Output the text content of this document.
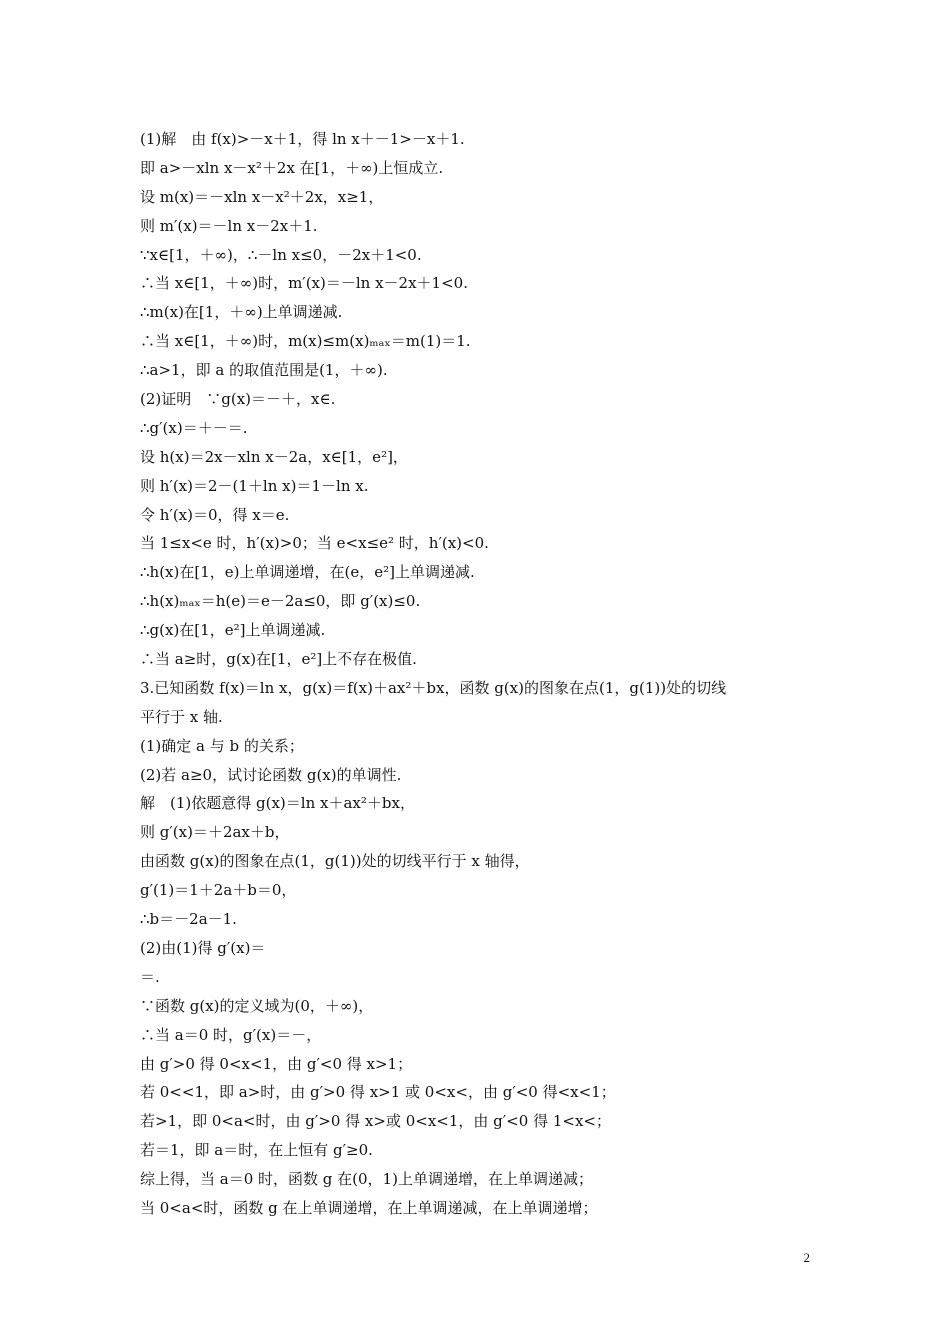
(1)解　由 f(x)>－x＋1，得 ln x＋－1>－x＋1.
即 a>－xln x－x²＋2x 在[1，＋∞)上恒成立.
设 m(x)＝－xln x－x²＋2x，x≥1，
则 m′(x)＝－ln x－2x＋1.
∵x∈[1，＋∞)，∴－ln x≤0，－2x＋1<0.
∴当 x∈[1，＋∞)时，m′(x)＝－ln x－2x＋1<0.
∴m(x)在[1，＋∞)上单调递减.
∴当 x∈[1，＋∞)时，m(x)≤m(x)ₘₐₓ＝m(1)＝1.
∴a>1，即 a 的取值范围是(1，＋∞).
(2)证明　∵g(x)＝－＋，x∈.
∴g′(x)＝＋－＝.
设 h(x)＝2x－xln x－2a，x∈[1，e²]，
则 h′(x)＝2－(1＋ln x)＝1－ln x.
令 h′(x)＝0，得 x＝e.
当 1≤x<e 时，h′(x)>0；当 e<x≤e² 时，h′(x)<0.
∴h(x)在[1，e)上单调递增，在(e，e²]上单调递减.
∴h(x)ₘₐₓ＝h(e)＝e－2a≤0，即 g′(x)≤0.
∴g(x)在[1，e²]上单调递减.
∴当 a≥时，g(x)在[1，e²]上不存在极值.
3.已知函数 f(x)＝ln x，g(x)＝f(x)＋ax²＋bx，函数 g(x)的图象在点(1，g(1))处的切线
平行于 x 轴.
(1)确定 a 与 b 的关系；
(2)若 a≥0，试讨论函数 g(x)的单调性.
解　(1)依题意得 g(x)＝ln x＋ax²＋bx，
则 g′(x)＝＋2ax＋b，
由函数 g(x)的图象在点(1，g(1))处的切线平行于 x 轴得，
g′(1)＝1＋2a＋b＝0，
∴b＝－2a－1.
(2)由(1)得 g′(x)＝
＝.
∵函数 g(x)的定义域为(0，＋∞)，
∴当 a＝0 时，g′(x)＝－，
由 g′>0 得 0<x<1，由 g′<0 得 x>1；
若 0<<1，即 a>时，由 g′>0 得 x>1 或 0<x<，由 g′<0 得<x<1；
若>1，即 0<a<时，由 g′>0 得 x>或 0<x<1，由 g′<0 得 1<x<；
若＝1，即 a＝时，在上恒有 g′≥0.
综上得，当 a＝0 时，函数 g 在(0，1)上单调递增，在上单调递减；
当 0<a<时，函数 g 在上单调递增，在上单调递减，在上单调递增；
2
